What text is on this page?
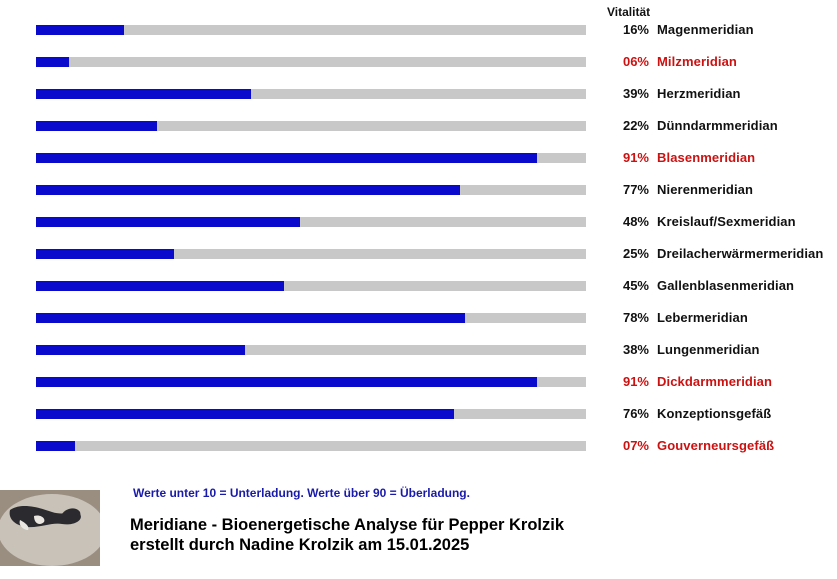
Vitalität
16% Magenmeridian
06% Milzmeridian
39% Herzmeridian
22% Dünndarmmeridian
91% Blasenmeridian
77% Nierenmeridian
48% Kreislauf/Sexmeridian
25% Dreilacherwärmermeridian
45% Gallenblasenmeridian
78% Lebermeridian
38% Lungenmeridian
91% Dickdarmmeridian
76% Konzeptionsgefäß
07% Gouverneursgefäß
Werte unter 10 = Unterladung. Werte über 90 = Überladung.
Meridiane - Bioenergetische Analyse für Pepper Krolzik
erstellt durch Nadine Krolzik am 15.01.2025
